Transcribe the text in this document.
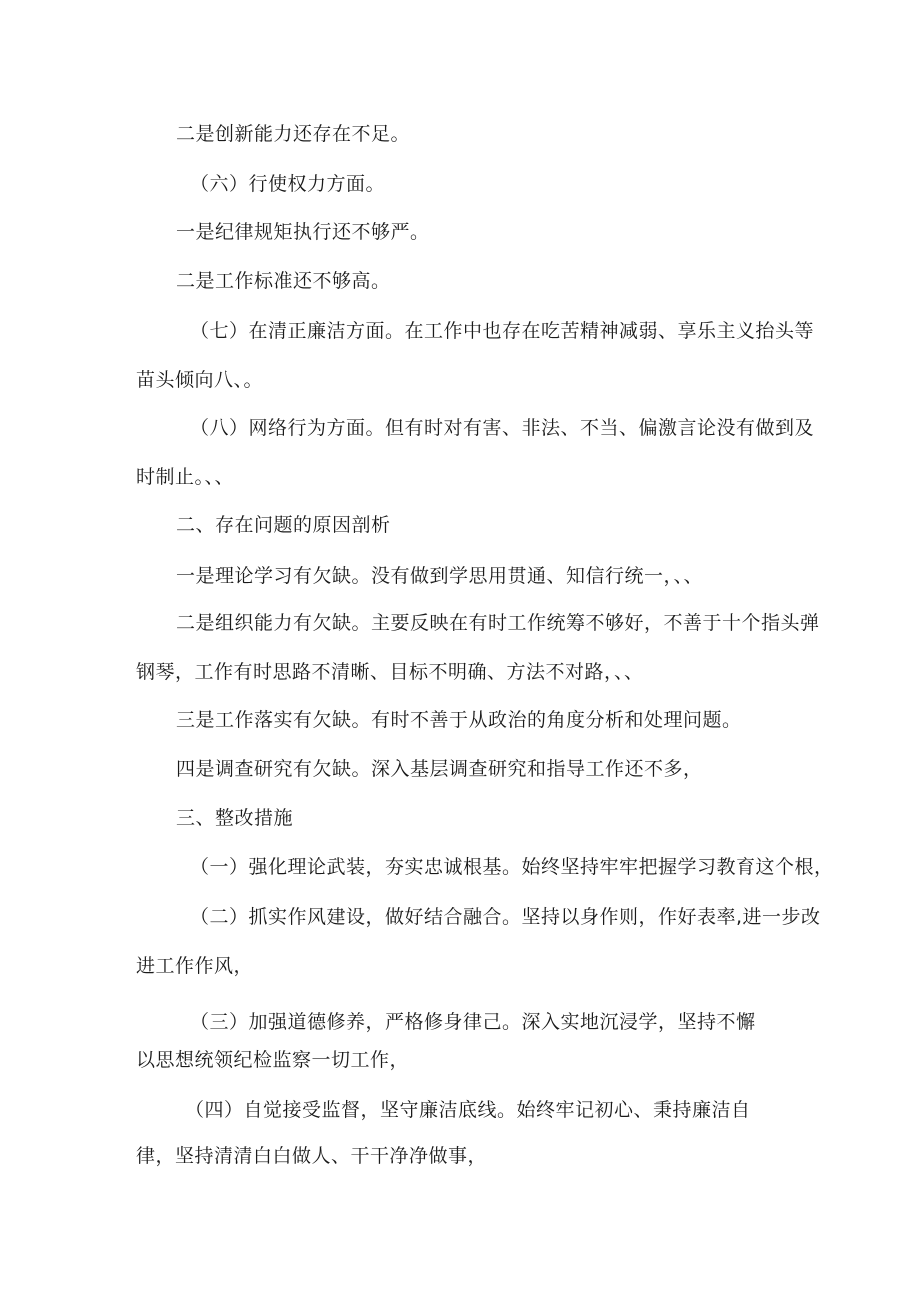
二是创新能力还存在不足。
（六）行使权力方面。
一是纪律规矩执行还不够严。
二是工作标准还不够高。
（七）在清正廉洁方面。在工作中也存在吃苦精神减弱、享乐主义抬头等
苗头倾向八、。
（八）网络行为方面。但有时对有害、非法、不当、偏激言论没有做到及
时制止。、、
二、存在问题的原因剖析
一是理论学习有欠缺。没有做到学思用贯通、知信行统一，、、
二是组织能力有欠缺。主要反映在有时工作统筹不够好，不善于十个指头弹
钢琴，工作有时思路不清晰、目标不明确、方法不对路，、、
三是工作落实有欠缺。有时不善于从政治的角度分析和处理问题。
四是调查研究有欠缺。深入基层调查研究和指导工作还不多，
三、整改措施
（一）强化理论武装，夯实忠诚根基。始终坚持牢牢把握学习教育这个根，
（二）抓实作风建设，做好结合融合。坚持以身作则，作好表率,进一步改
进工作作风，
（三）加强道德修养，严格修身律己。深入实地沉浸学，坚持不懈
以思想统领纪检监察一切工作，
（四）自觉接受监督，坚守廉洁底线。始终牢记初心、秉持廉洁自
律，坚持清清白白做人、干干净净做事，
